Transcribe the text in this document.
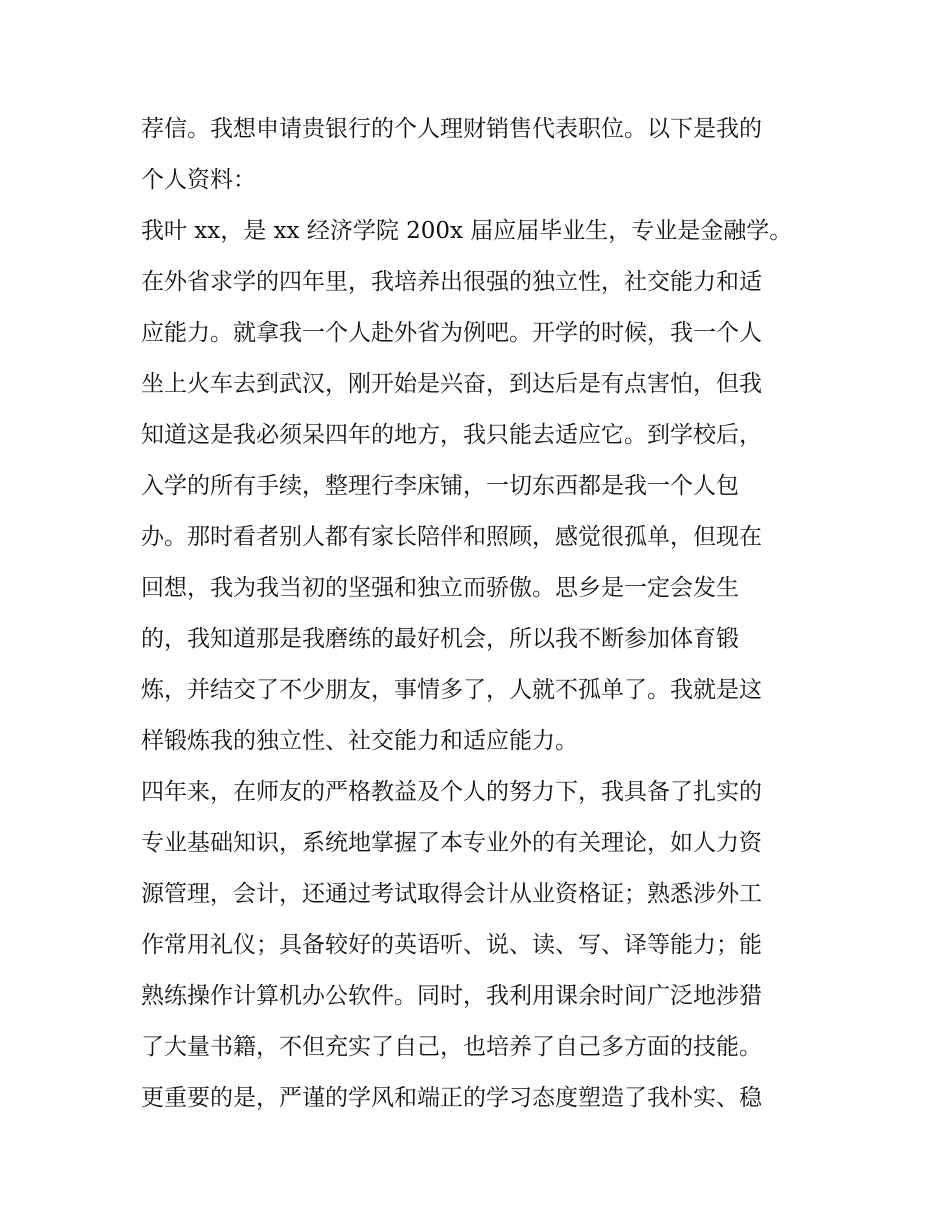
荐信。我想申请贵银行的个人理财销售代表职位。以下是我的
个人资料：
我叶 xx，是 xx 经济学院 200x 届应届毕业生，专业是金融学。
在外省求学的四年里，我培养出很强的独立性，社交能力和适
应能力。就拿我一个人赴外省为例吧。开学的时候，我一个人
坐上火车去到武汉，刚开始是兴奋，到达后是有点害怕，但我
知道这是我必须呆四年的地方，我只能去适应它。到学校后，
入学的所有手续，整理行李床铺，一切东西都是我一个人包
办。那时看者别人都有家长陪伴和照顾，感觉很孤单，但现在
回想，我为我当初的坚强和独立而骄傲。思乡是一定会发生
的，我知道那是我磨练的最好机会，所以我不断参加体育锻
炼，并结交了不少朋友，事情多了，人就不孤单了。我就是这
样锻炼我的独立性、社交能力和适应能力。
四年来，在师友的严格教益及个人的努力下，我具备了扎实的
专业基础知识，系统地掌握了本专业外的有关理论，如人力资
源管理，会计，还通过考试取得会计从业资格证；熟悉涉外工
作常用礼仪；具备较好的英语听、说、读、写、译等能力；能
熟练操作计算机办公软件。同时，我利用课余时间广泛地涉猎
了大量书籍，不但充实了自己，也培养了自己多方面的技能。
更重要的是，严谨的学风和端正的学习态度塑造了我朴实、稳
